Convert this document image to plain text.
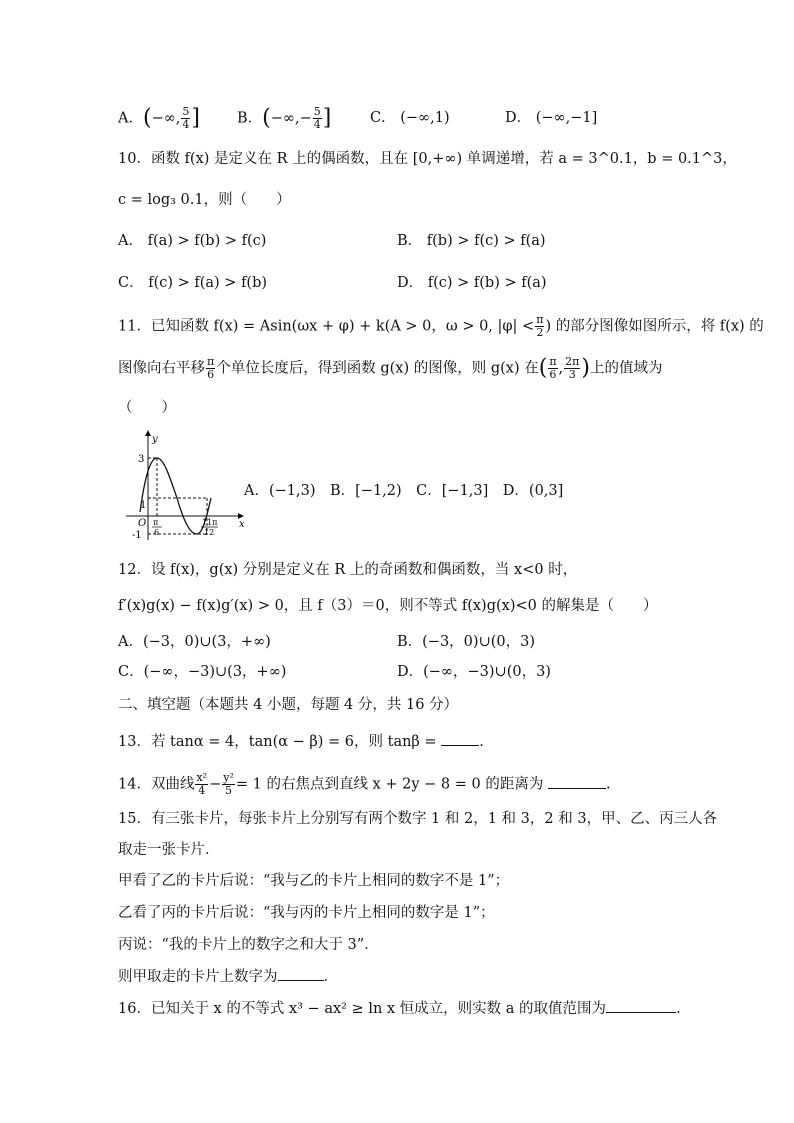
A．(−∞, $\frac{5}{4}$ ]	B．(−∞,− $\frac{5}{4}$ ]	C． (−∞,1)	D． (−∞,−1]
10．函数 f(x) 是定义在 R 上的偶函数，且在 [0,+∞) 单调递增，若 a = 3^0.1，b = 0.1^3，
c = log₃ 0.1，则（　　）
A． f(a) > f(b) > f(c)	B． f(b) > f(c) > f(a)
C． f(c) > f(a) > f(b)	D． f(c) > f(b) > f(a)
11．已知函数 f(x) = Asin(ωx + φ) + k(A > 0，ω > 0, $|\varphi| < \frac{\pi}{2}$ ) 的部分图像如图所示，将 f(x) 的
图像向右平移 $\frac{\pi}{6}$ 个单位长度后，得到函数 g(x) 的图像，则 g(x) 在( $\frac{\pi}{6}$ , $\frac{2\pi}{3}$ )上的值域为
（　　）
y
x
3
1
-1
O π
6
11π
12
A．(−1,3)　B．[−1,2)　C．[−1,3]　D．(0,3]
12．设 f(x)，g(x) 分别是定义在 R 上的奇函数和偶函数，当 x<0 时，
f′(x)g(x) − f(x)g′(x) > 0，且 f（3）＝0，则不等式 f(x)g(x)<0 的解集是（　　）
A．(−3，0)∪(3，+∞)	B．(−3，0)∪(0，3)
C．(−∞，−3)∪(3，+∞)	D．(−∞，−3)∪(0，3)
二、填空题（本题共 4 小题，每题 4 分，共 16 分）
13．若 tanα = 4，tan(α − β) = 6，则 tanβ =	.
14．双曲线 $\frac{\text{x²}}{4} - \frac{\text{y²}}{5} = 1$ 的右焦点到直线 x + 2y − 8 = 0 的距离为	.
15．有三张卡片，每张卡片上分别写有两个数字 1 和 2，1 和 3，2 和 3，甲、乙、丙三人各
取走一张卡片．
甲看了乙的卡片后说：“我与乙的卡片上相同的数字不是 1”；
乙看了丙的卡片后说：“我与丙的卡片上相同的数字是 1”；
丙说：“我的卡片上的数字之和大于 3”．
则甲取走的卡片上数字为	.
16．已知关于 x 的不等式 x³ − ax² ≥ ln x 恒成立，则实数 a 的取值范围为	.
